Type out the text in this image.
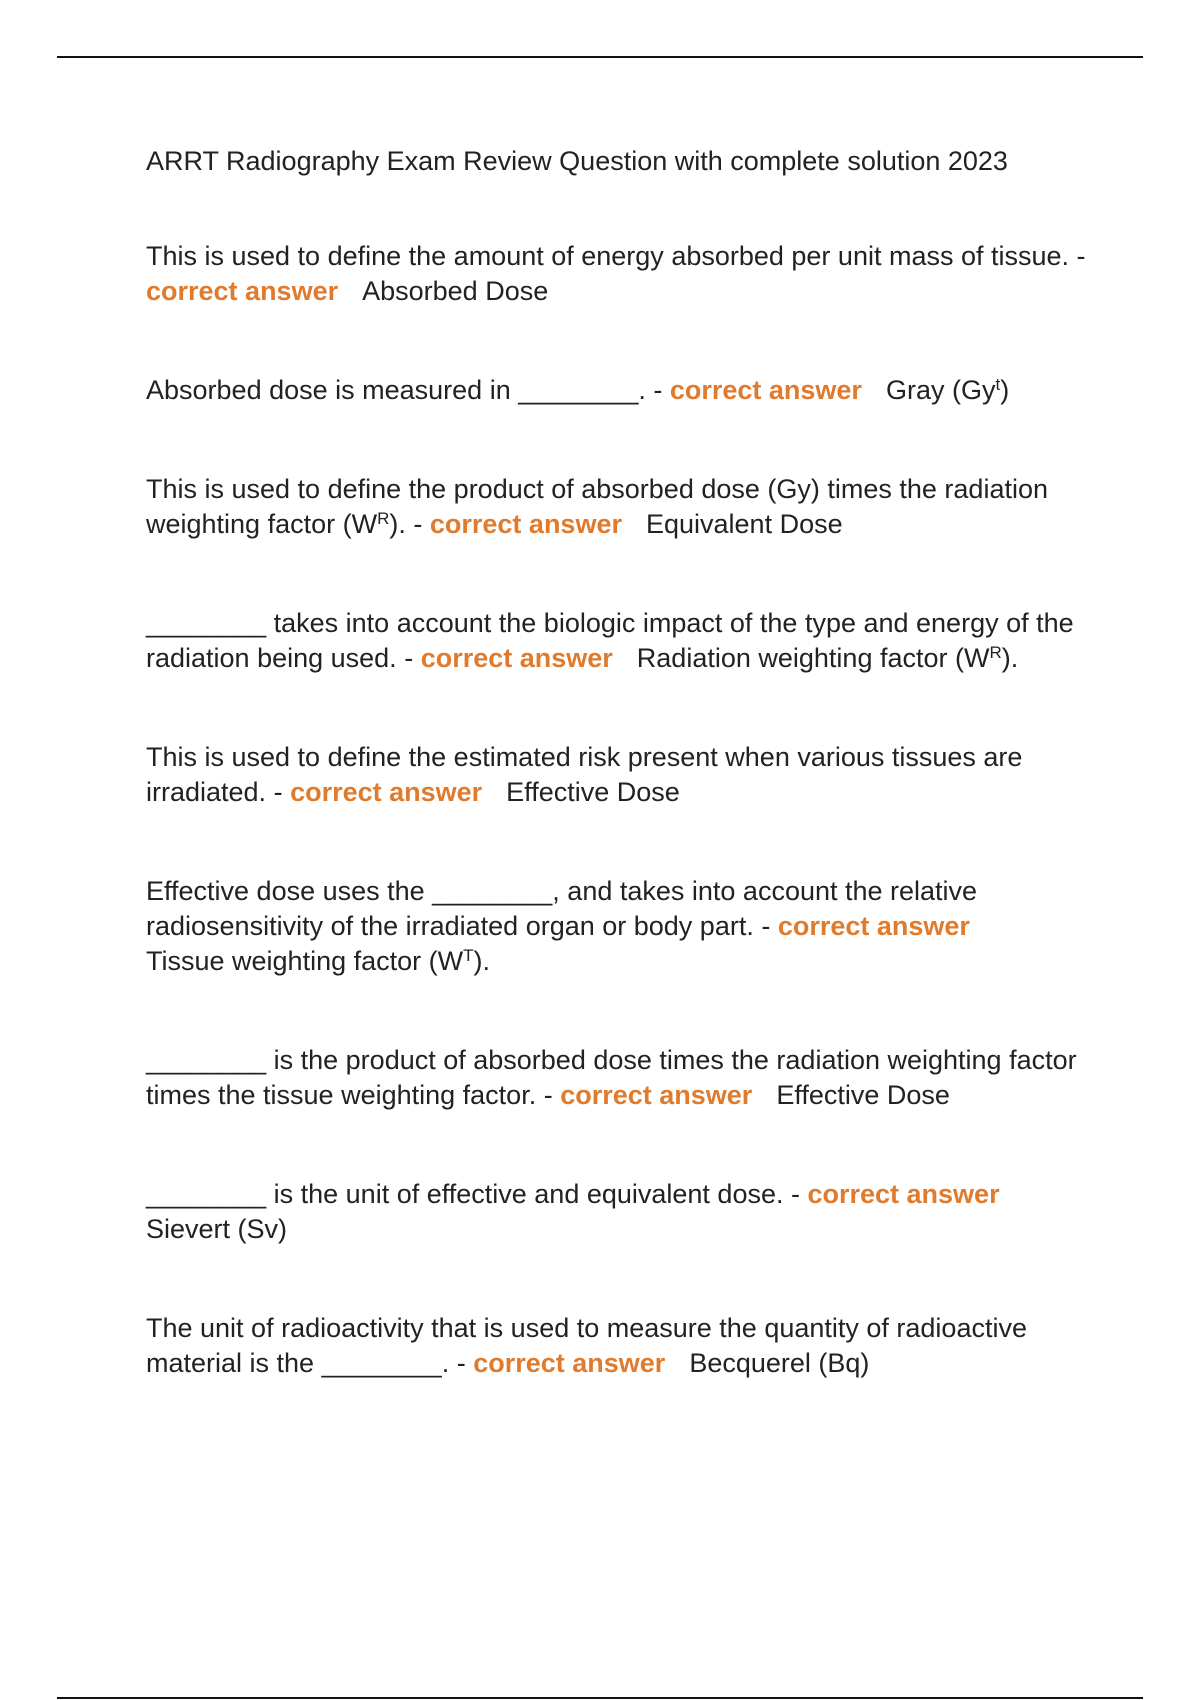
ARRT Radiography Exam Review Question with complete solution 2023

This is used to define the amount of energy absorbed per unit mass of tissue. - correct answer Absorbed Dose

Absorbed dose is measured in ________. - correct answer Gray (Gy$^t$)

This is used to define the product of absorbed dose (Gy) times the radiation weighting factor $(W^R)$. - correct answer Equivalent Dose

________ takes into account the biologic impact of the type and energy of the radiation being used. - correct answer Radiation weighting factor $(W^R)$.

This is used to define the estimated risk present when various tissues are irradiated. - correct answer Effective Dose

Effective dose uses the ________, and takes into account the relative radiosensitivity of the irradiated organ or body part. - correct answer
Tissue weighting factor $(W^T)$.

________ is the product of absorbed dose times the radiation weighting factor times the tissue weighting factor. - correct answer Effective Dose

________ is the unit of effective and equivalent dose. - correct answer
Sievert (Sv)

The unit of radioactivity that is used to measure the quantity of radioactive material is the ________. - correct answer Becquerel (Bq)
